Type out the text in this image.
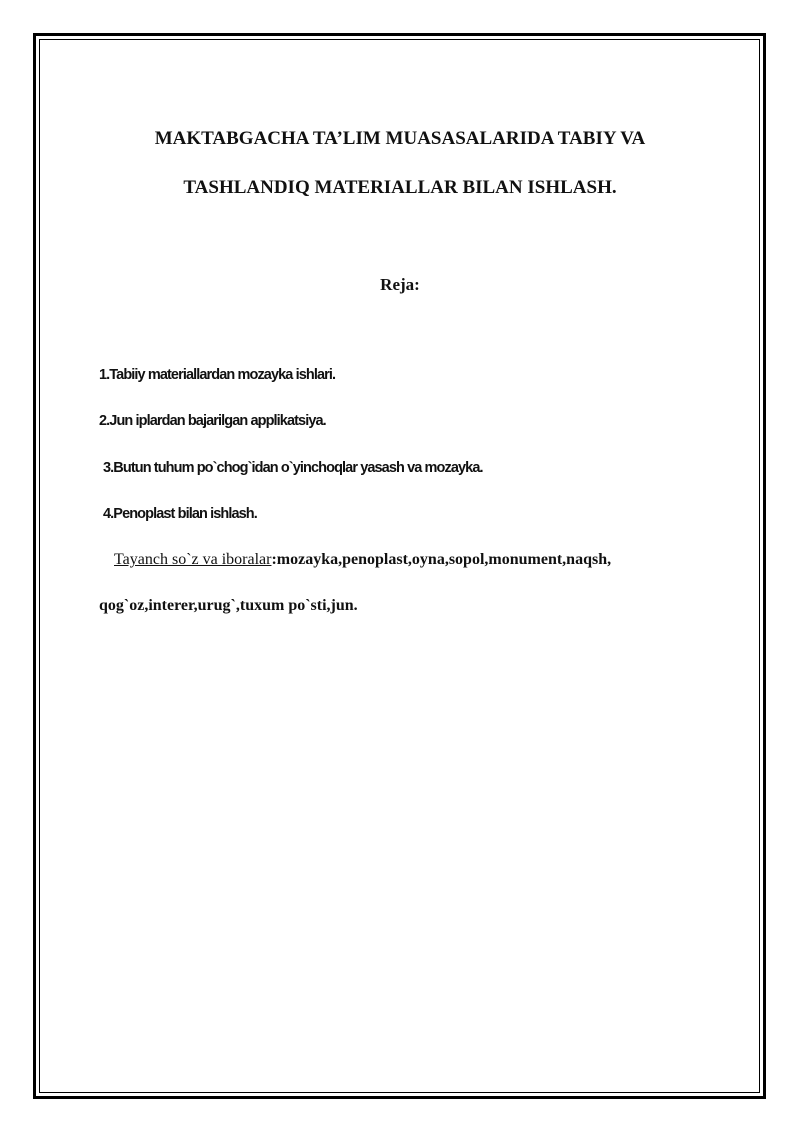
MAKTABGACHA TA’LIM MUASASALARIDA TABIY VA
TASHLANDIQ MATERIALLAR BILAN ISHLASH.
Reja:
1.Tabiiy materiallardan mozayka ishlari.
2.Jun iplardan bajarilgan applikatsiya.
3.Butun tuhum po`chog`idan o`yinchoqlar yasash va mozayka.
4.Penoplast bilan ishlash.
Tayanch so`z va iboralar:mozayka,penoplast,oyna,sopol,monument,naqsh,
qog`oz,interer,urug`,tuxum po`sti,jun.
